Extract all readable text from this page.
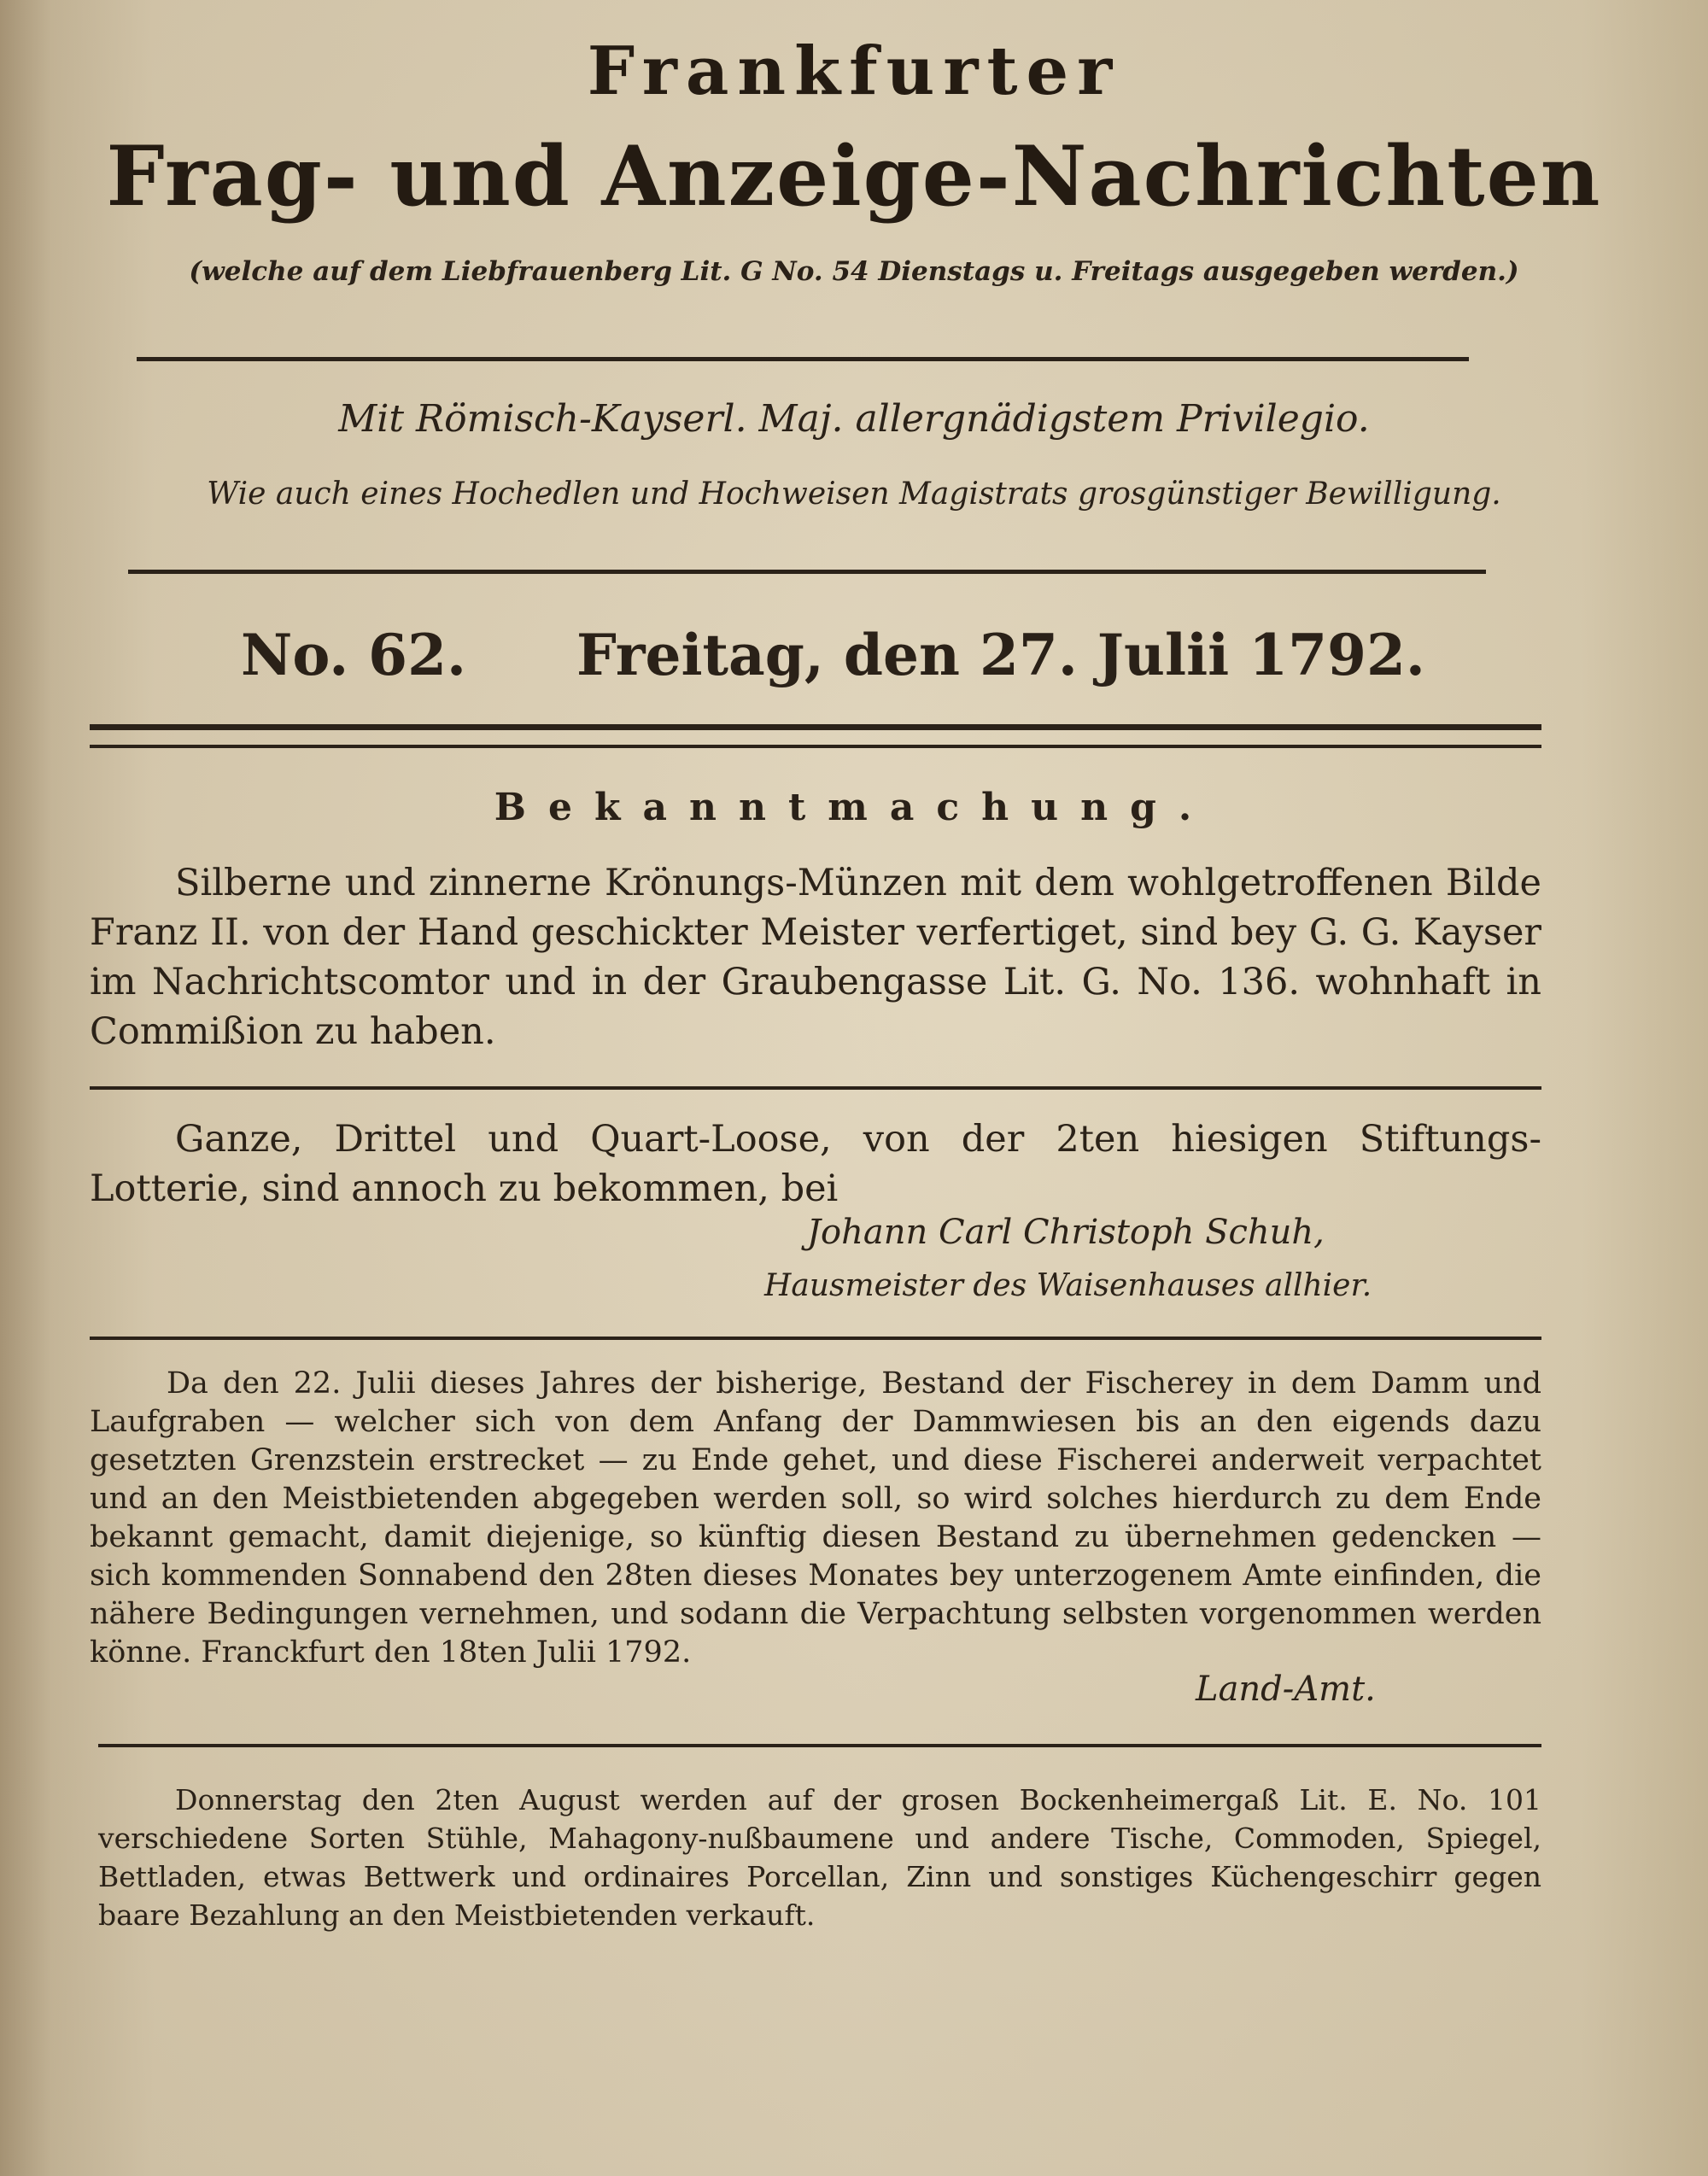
Frankfurter
Frag- und Anzeige-Nachrichten
(welche auf dem Liebfrauenberg Lit. G No. 54 Dienstags u. Freitags ausgegeben werden.)
Mit Römisch-Kayserl. Maj. allergnädigstem Privilegio.
Wie auch eines Hochedlen und Hochweisen Magistrats grosgünstiger Bewilligung.
No. 62. Freitag, den 27. Julii 1792.
Bekanntmachung.
Silberne und zinnerne Krönungs-Münzen mit dem wohlgetroffenen Bilde Franz II. von der Hand geschickter Meister verfertiget, sind bey G. G. Kayser im Nachrichtscomtor und in der Graubengasse Lit. G. No. 136. wohnhaft in Commißion zu haben.
Ganze, Drittel und Quart-Loose, von der 2ten hiesigen Stiftungs-Lotterie, sind annoch zu bekommen, bei
Johann Carl Christoph Schuh,
Hausmeister des Waisenhauses allhier.
Da den 22. Julii dieses Jahres der bisherige, Bestand der Fischerey in dem Damm und Laufgraben — welcher sich von dem Anfang der Dammwiesen bis an den eigends dazu gesetzten Grenzstein erstrecket — zu Ende gehet, und diese Fischerei anderweit verpachtet und an den Meistbietenden abgegeben werden soll, so wird solches hierdurch zu dem Ende bekannt gemacht, damit diejenige, so künftig diesen Bestand zu übernehmen gedencken — sich kommenden Sonnabend den 28ten dieses Monates bey unterzogenem Amte einfinden, die nähere Bedingungen vernehmen, und sodann die Verpachtung selbsten vorgenommen werden könne. Franckfurt den 18ten Julii 1792.
Land-Amt.
Donnerstag den 2ten August werden auf der grosen Bockenheimergaß Lit. E. No. 101 verschiedene Sorten Stühle, Mahagony-nußbaumene und andere Tische, Commoden, Spiegel, Bettladen, etwas Bettwerk und ordinaires Porcellan, Zinn und sonstiges Küchengeschirr gegen baare Bezahlung an den Meistbietenden verkauft.
